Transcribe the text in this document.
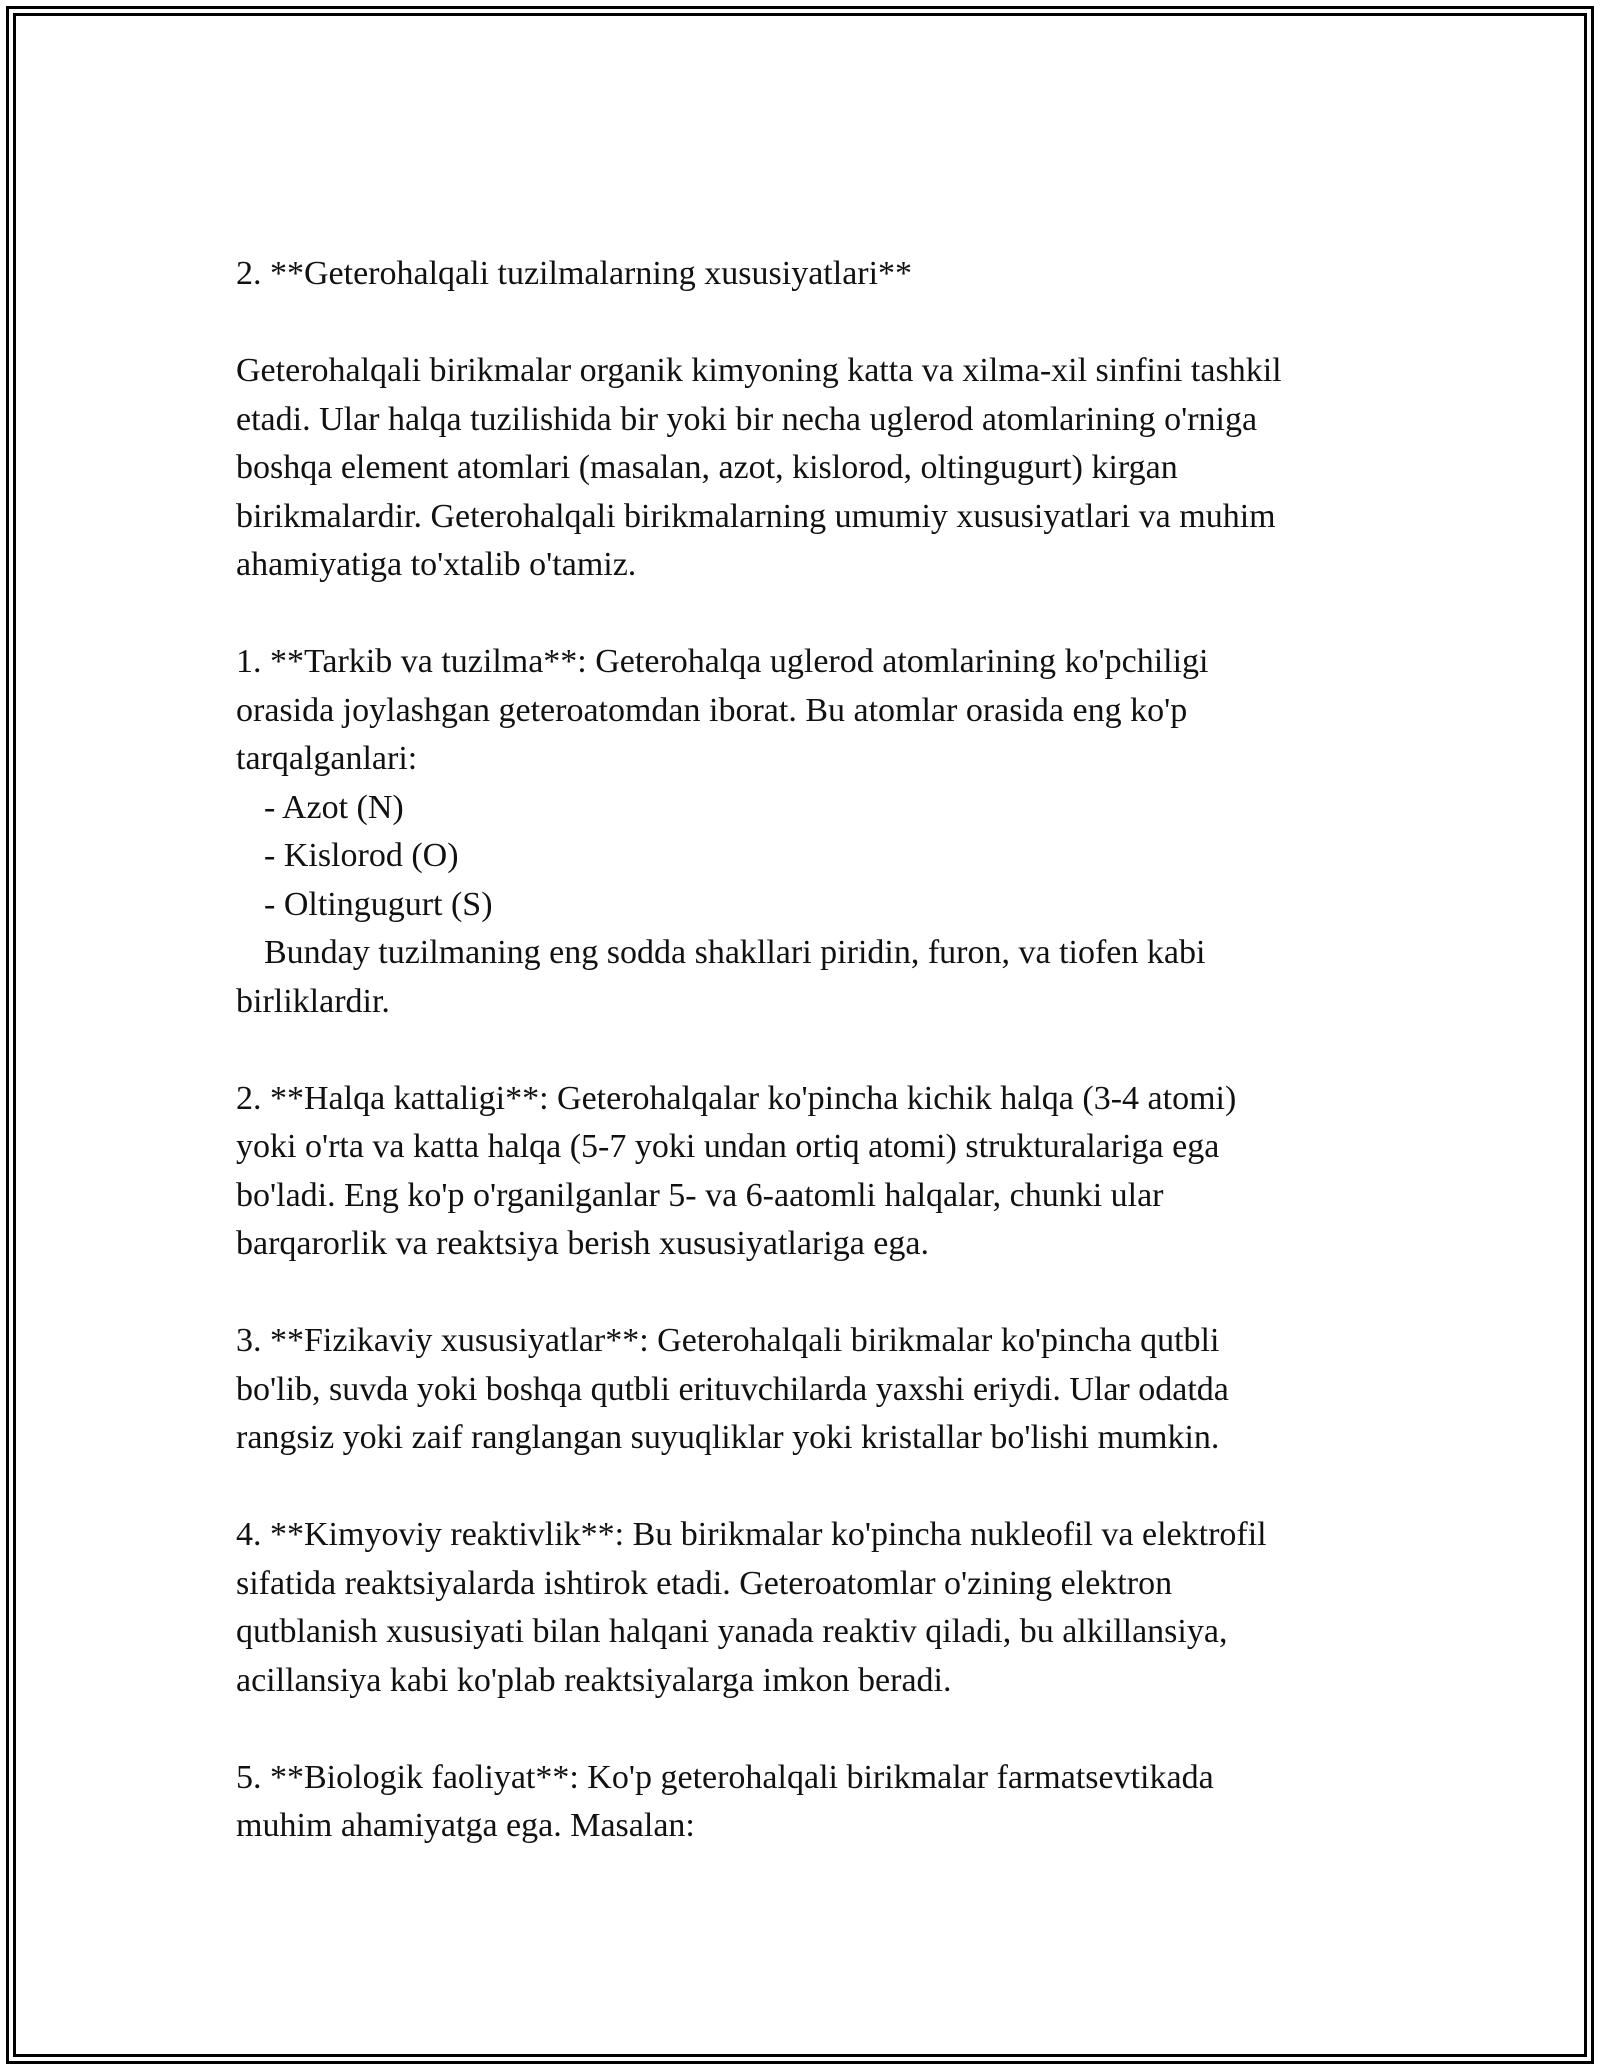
2. **Geterohalqali tuzilmalarning xususiyatlari**

Geterohalqali birikmalar organik kimyoning katta va xilma-xil sinfini tashkil

etadi. Ular halqa tuzilishida bir yoki bir necha uglerod atomlarining o'rniga

boshqa element atomlari (masalan, azot, kislorod, oltingugurt) kirgan

birikmalardir. Geterohalqali birikmalarning umumiy xususiyatlari va muhim

ahamiyatiga to'xtalib o'tamiz.

1. **Tarkib va tuzilma**: Geterohalqa uglerod atomlarining ko'pchiligi

orasida joylashgan geteroatomdan iborat. Bu atomlar orasida eng ko'p

tarqalganlari:

- Azot (N)

- Kislorod (O)

- Oltingugurt (S)

Bunday tuzilmaning eng sodda shakllari piridin, furon, va tiofen kabi

birliklardir.

2. **Halqa kattaligi**: Geterohalqalar ko'pincha kichik halqa (3-4 atomi)

yoki o'rta va katta halqa (5-7 yoki undan ortiq atomi) strukturalariga ega

bo'ladi. Eng ko'p o'rganilganlar 5- va 6-aatomli halqalar, chunki ular

barqarorlik va reaktsiya berish xususiyatlariga ega.

3. **Fizikaviy xususiyatlar**: Geterohalqali birikmalar ko'pincha qutbli

bo'lib, suvda yoki boshqa qutbli erituvchilarda yaxshi eriydi. Ular odatda

rangsiz yoki zaif ranglangan suyuqliklar yoki kristallar bo'lishi mumkin.

4. **Kimyoviy reaktivlik**: Bu birikmalar ko'pincha nukleofil va elektrofil

sifatida reaktsiyalarda ishtirok etadi. Geteroatomlar o'zining elektron

qutblanish xususiyati bilan halqani yanada reaktiv qiladi, bu alkillansiya,

acillansiya kabi ko'plab reaktsiyalarga imkon beradi.

5. **Biologik faoliyat**: Ko'p geterohalqali birikmalar farmatsevtikada

muhim ahamiyatga ega. Masalan:
